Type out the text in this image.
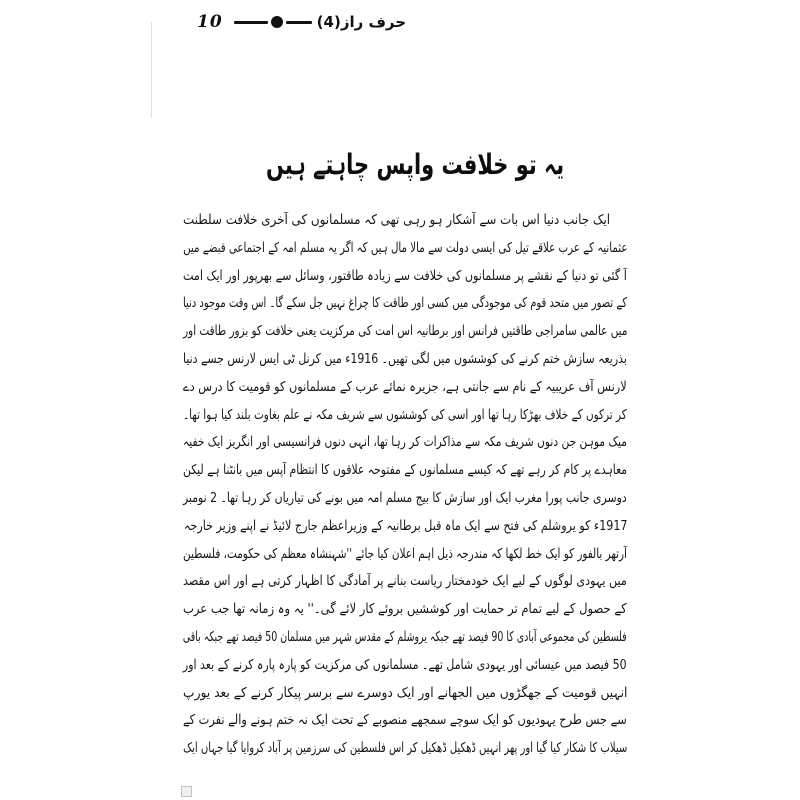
10	حرف راز(4)
یہ تو خلافت واپس چاہتے ہیں
ایک جانب دنیا اس بات سے آشکار ہو رہی تھی کہ مسلمانوں کی آخری خلافت سلطنت
عثمانیہ کے عرب علاقے تیل کی ایسی دولت سے مالا مال ہیں کہ اگر یہ مسلم امہ کے اجتماعی قبضے میں
آ گئی تو دنیا کے نقشے پر مسلمانوں کی خلافت سے زیادہ طاقتور، وسائل سے بھرپور اور ایک امت
کے تصور میں متحد قوم کی موجودگی میں کسی اور طاقت کا چراغ نہیں جل سکے گا۔ اس وقت موجود دنیا
میں عالمی سامراجی طاقتیں فرانس اور برطانیہ اس امت کی مرکزیت یعنی خلافت کو بزور طاقت اور
بذریعہ سازش ختم کرنے کی کوششوں میں لگی تھیں۔ 1916ء میں کرنل ٹی ایس لارنس جسے دنیا
لارنس آف عریبیہ کے نام سے جانتی ہے، جزیرہ نمائے عرب کے مسلمانوں کو قومیت کا درس دے
کر ترکوں کے خلاف بھڑکا رہا تھا اور اسی کی کوششوں سے شریف مکہ نے علم بغاوت بلند کیا ہوا تھا۔
میک موہن جن دنوں شریف مکہ سے مذاکرات کر رہا تھا، انہی دنوں فرانسیسی اور انگریز ایک خفیہ
معاہدے پر کام کر رہے تھے کہ کیسے مسلمانوں کے مفتوحہ علاقوں کا انتظام آپس میں بانٹنا ہے لیکن
دوسری جانب پورا مغرب ایک اور سازش کا بیج مسلم امہ میں بونے کی تیاریاں کر رہا تھا۔ 2 نومبر
1917ء کو یروشلم کی فتح سے ایک ماہ قبل برطانیہ کے وزیراعظم جارج لائیڈ نے اپنے وزیر خارجہ
آرتھر بالفور کو ایک خط لکھا کہ مندرجہ ذیل اہم اعلان کیا جائے ''شہنشاہ معظم کی حکومت، فلسطین
میں یہودی لوگوں کے لیے ایک خودمختار ریاست بنانے پر آمادگی کا اظہار کرتی ہے اور اس مقصد
کے حصول کے لیے تمام تر حمایت اور کوششیں بروئے کار لائے گی۔'' یہ وہ زمانہ تھا جب عرب
فلسطین کی مجموعی آبادی کا 90 فیصد تھے جبکہ یروشلم کے مقدس شہر میں مسلمان 50 فیصد تھے جبکہ باقی
50 فیصد میں عیسائی اور یہودی شامل تھے۔ مسلمانوں کی مرکزیت کو پارہ پارہ کرنے کے بعد اور
انہیں قومیت کے جھگڑوں میں الجھانے اور ایک دوسرے سے برسر پیکار کرنے کے بعد یورپ
سے جس طرح یہودیوں کو ایک سوچے سمجھے منصوبے کے تحت ایک نہ ختم ہونے والے نفرت کے
سیلاب کا شکار کیا گیا اور پھر انہیں ڈھکیل ڈھکیل کر اس فلسطین کی سرزمین پر آباد کروایا گیا جہاں ایک
